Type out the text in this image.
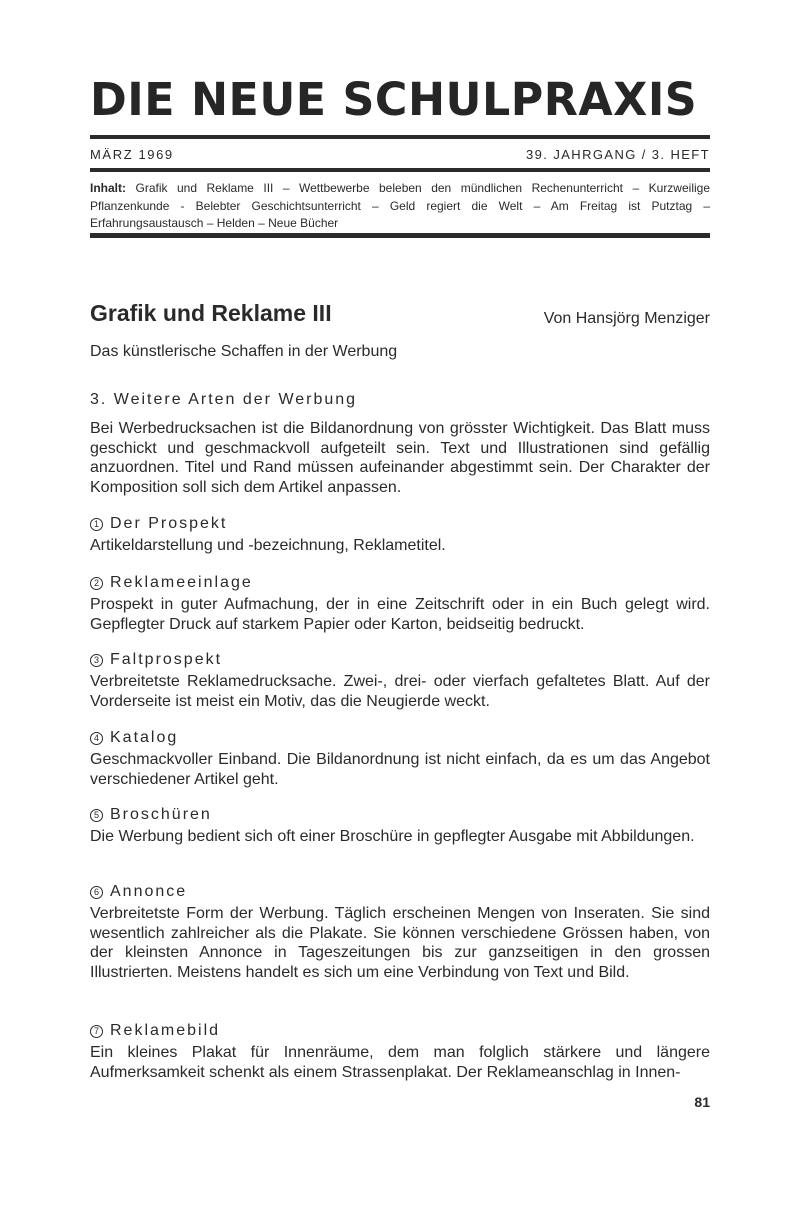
DIE NEUE SCHULPRAXIS
MÄRZ 1969	39. JAHRGANG / 3. HEFT
Inhalt: Grafik und Reklame III – Wettbewerbe beleben den mündlichen Rechenunterricht – Kurzweilige Pflanzenkunde - Belebter Geschichtsunterricht – Geld regiert die Welt – Am Freitag ist Putztag – Erfahrungsaustausch – Helden – Neue Bücher
Grafik und Reklame III	Von Hansjörg Menziger
Das künstlerische Schaffen in der Werbung
3. Weitere Arten der Werbung

Bei Werbedrucksachen ist die Bildanordnung von grösster Wichtigkeit. Das Blatt muss geschickt und geschmackvoll aufgeteilt sein. Text und Illustrationen sind gefällig anzuordnen. Titel und Rand müssen aufeinander abgestimmt sein. Der Charakter der Komposition soll sich dem Artikel anpassen.

1 Der Prospekt

Artikeldarstellung und -bezeichnung, Reklametitel.

2 Reklameeinlage

Prospekt in guter Aufmachung, der in eine Zeitschrift oder in ein Buch gelegt wird. Gepflegter Druck auf starkem Papier oder Karton, beidseitig bedruckt.

3 Faltprospekt

Verbreitetste Reklamedrucksache. Zwei-, drei- oder vierfach gefaltetes Blatt. Auf der Vorderseite ist meist ein Motiv, das die Neugierde weckt.

4 Katalog

Geschmackvoller Einband. Die Bildanordnung ist nicht einfach, da es um das Angebot verschiedener Artikel geht.

5 Broschüren

Die Werbung bedient sich oft einer Broschüre in gepflegter Ausgabe mit Abbildungen.

6 Annonce

Verbreitetste Form der Werbung. Täglich erscheinen Mengen von Inseraten. Sie sind wesentlich zahlreicher als die Plakate. Sie können verschiedene Grössen haben, von der kleinsten Annonce in Tageszeitungen bis zur ganzseitigen in den grossen Illustrierten. Meistens handelt es sich um eine Verbindung von Text und Bild.

7 Reklamebild

Ein kleines Plakat für Innenräume, dem man folglich stärkere und längere Aufmerksamkeit schenkt als einem Strassenplakat. Der Reklameanschlag in Innen-

81
